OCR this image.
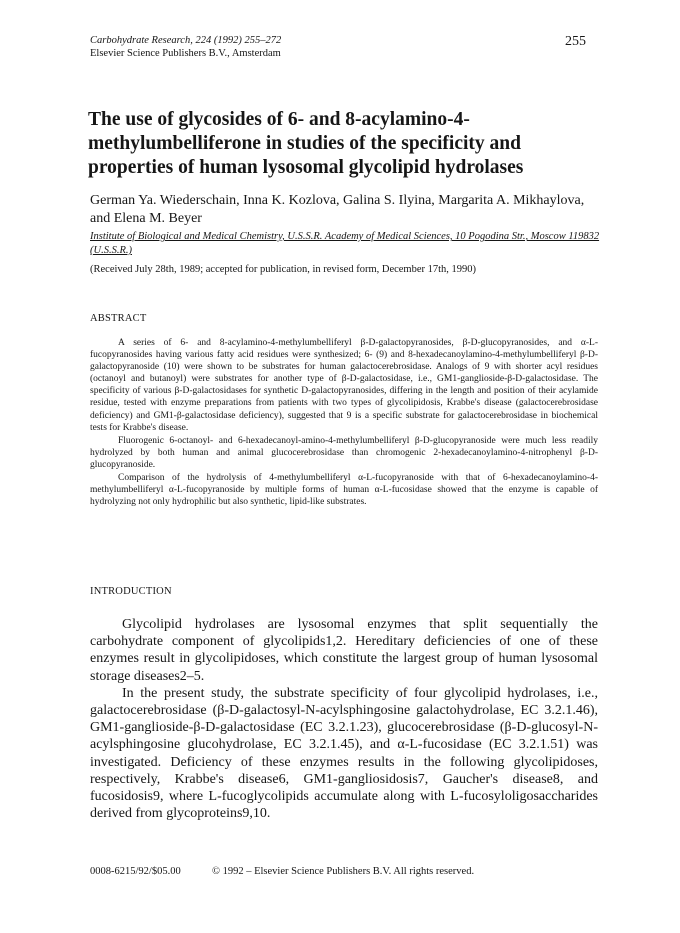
Carbohydrate Research, 224 (1992) 255–272
Elsevier Science Publishers B.V., Amsterdam
255
The use of glycosides of 6- and 8-acylamino-4-methylumbelliferone in studies of the specificity and properties of human lysosomal glycolipid hydrolases
German Ya. Wiederschain, Inna K. Kozlova, Galina S. Ilyina, Margarita A. Mikhaylova, and Elena M. Beyer
Institute of Biological and Medical Chemistry, U.S.S.R. Academy of Medical Sciences, 10 Pogodina Str., Moscow 119832 (U.S.S.R.)
(Received July 28th, 1989; accepted for publication, in revised form, December 17th, 1990)
ABSTRACT

A series of 6- and 8-acylamino-4-methylumbelliferyl β-D-galactopyranosides, β-D-glucopyranosides, and α-L-fucopyranosides having various fatty acid residues were synthesized; 6- (9) and 8-hexadecanoylamino-4-methylumbelliferyl β-D-galactopyranoside (10) were shown to be substrates for human galactocerebrosidase. Analogs of 9 with shorter acyl residues (octanoyl and butanoyl) were substrates for another type of β-D-galactosidase, i.e., GM1-ganglioside-β-D-galactosidase. The specificity of various β-D-galactosidases for synthetic D-galactopyranosides, differing in the length and position of their acylamide residue, tested with enzyme preparations from patients with two types of glycolipidosis, Krabbe's disease (galactocerebrosidase deficiency) and GM1-β-galactosidase deficiency), suggested that 9 is a specific substrate for galactocerebrosidase in biochemical tests for Krabbe's disease.

Fluorogenic 6-octanoyl- and 6-hexadecanoyl-amino-4-methylumbelliferyl β-D-glucopyranoside were much less readily hydrolyzed by both human and animal glucocerebrosidase than chromogenic 2-hexadecanoylamino-4-nitrophenyl β-D-glucopyranoside.

Comparison of the hydrolysis of 4-methylumbelliferyl α-L-fucopyranoside with that of 6-hexadecanoylamino-4-methylumbelliferyl α-L-fucopyranoside by multiple forms of human α-L-fucosidase showed that the enzyme is capable of hydrolyzing not only hydrophilic but also synthetic, lipid-like substrates.

INTRODUCTION

Glycolipid hydrolases are lysosomal enzymes that split sequentially the carbohydrate component of glycolipids1,2. Hereditary deficiencies of one of these enzymes result in glycolipidoses, which constitute the largest group of human lysosomal storage diseases2–5.

In the present study, the substrate specificity of four glycolipid hydrolases, i.e., galactocerebrosidase (β-D-galactosyl-N-acylsphingosine galactohydrolase, EC 3.2.1.46), GM1-ganglioside-β-D-galactosidase (EC 3.2.1.23), glucocerebrosidase (β-D-glucosyl-N-acylsphingosine glucohydrolase, EC 3.2.1.45), and α-L-fucosidase (EC 3.2.1.51) was investigated. Deficiency of these enzymes results in the following glycolipidoses, respectively, Krabbe's disease6, GM1-gangliosidosis7, Gaucher's disease8, and fucosidosis9, where L-fucoglycolipids accumulate along with L-fucosyloligosaccharides derived from glycoproteins9,10.

0008-6215/92/$05.00	© 1992 – Elsevier Science Publishers B.V. All rights reserved.
